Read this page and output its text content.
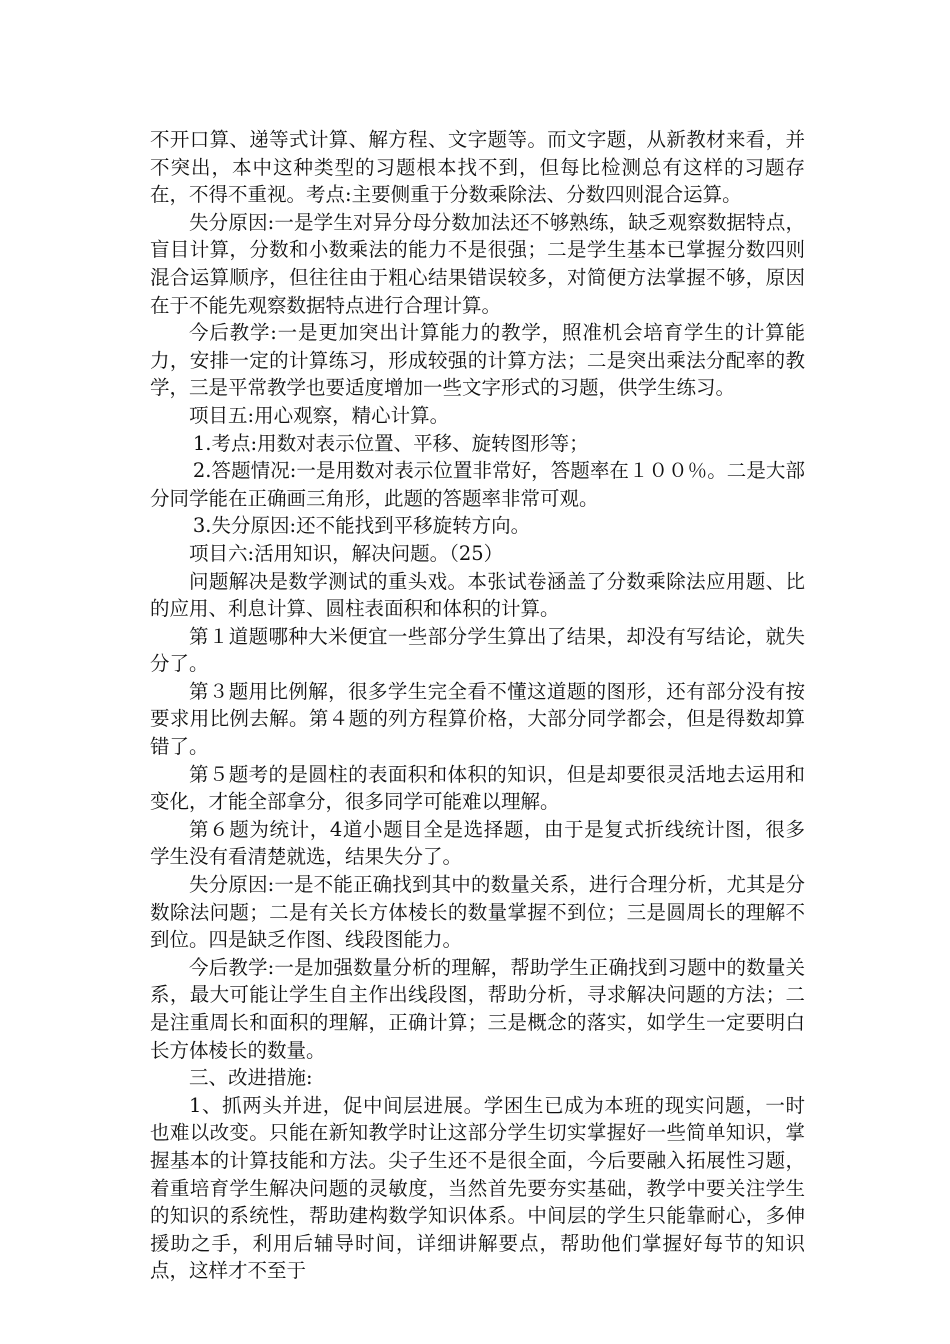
不开口算、递等式计算、解方程、文字题等。而文字题，从新教材来看，并不突出，本中这种类型的习题根本找不到，但每比检测总有这样的习题存在，不得不重视。考点:主要侧重于分数乘除法、分数四则混合运算。

失分原因:一是学生对异分母分数加法还不够熟练，缺乏观察数据特点，盲目计算，分数和小数乘法的能力不是很强；二是学生基本已掌握分数四则混合运算顺序，但往往由于粗心结果错误较多，对简便方法掌握不够，原因在于不能先观察数据特点进行合理计算。

今后教学:一是更加突出计算能力的教学，照准机会培育学生的计算能力，安排一定的计算练习，形成较强的计算方法；二是突出乘法分配率的教学，三是平常教学也要适度增加一些文字形式的习题，供学生练习。

项目五:用心观察，精心计算。

1.考点:用数对表示位置、平移、旋转图形等；

2.答题情况:一是用数对表示位置非常好，答题率在１００％。二是大部分同学能在正确画三角形，此题的答题率非常可观。

3.失分原因:还不能找到平移旋转方向。

项目六:活用知识，解决问题。（25）

问题解决是数学测试的重头戏。本张试卷涵盖了分数乘除法应用题、比的应用、利息计算、圆柱表面积和体积的计算。

第１道题哪种大米便宜一些部分学生算出了结果，却没有写结论，就失分了。

第３题用比例解，很多学生完全看不懂这道题的图形，还有部分没有按要求用比例去解。第４题的列方程算价格，大部分同学都会，但是得数却算错了。

第５题考的是圆柱的表面积和体积的知识，但是却要很灵活地去运用和变化，才能全部拿分，很多同学可能难以理解。

第６题为统计，4道小题目全是选择题，由于是复式折线统计图，很多学生没有看清楚就选，结果失分了。

失分原因:一是不能正确找到其中的数量关系，进行合理分析，尤其是分数除法问题；二是有关长方体棱长的数量掌握不到位；三是圆周长的理解不到位。四是缺乏作图、线段图能力。

今后教学:一是加强数量分析的理解，帮助学生正确找到习题中的数量关系，最大可能让学生自主作出线段图，帮助分析，寻求解决问题的方法；二是注重周长和面积的理解，正确计算；三是概念的落实，如学生一定要明白长方体棱长的数量。

三、改进措施:

1、抓两头并进，促中间层进展。学困生已成为本班的现实问题，一时也难以改变。只能在新知教学时让这部分学生切实掌握好一些简单知识，掌握基本的计算技能和方法。尖子生还不是很全面，今后要融入拓展性习题，着重培育学生解决问题的灵敏度，当然首先要夯实基础，教学中要关注学生的知识的系统性，帮助建构数学知识体系。中间层的学生只能靠耐心，多伸援助之手，利用后辅导时间，详细讲解要点，帮助他们掌握好每节的知识点，这样才不至于
